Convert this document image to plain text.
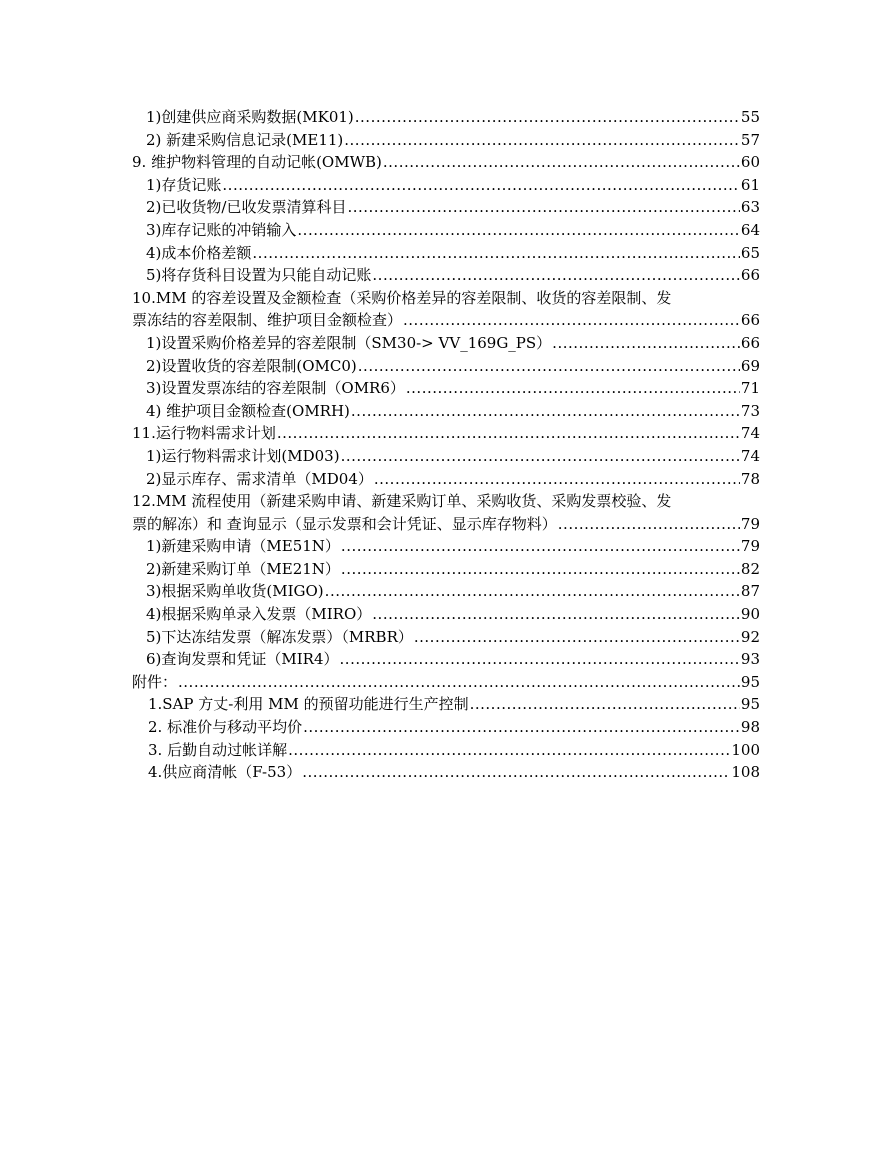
1)创建供应商采购数据(MK01) .....	55
2) 新建采购信息记录(ME11) .....	57
9. 维护物料管理的自动记帐(OMWB) .....	60
1)存货记账 .....	61
2)已收货物/已收发票清算科目 .....	63
3)库存记账的冲销输入 .....	64
4)成本价格差额 .....	65
5)将存货科目设置为只能自动记账 .....	66
10.MM 的容差设置及金额检查（采购价格差异的容差限制、收货的容差限制、发
票冻结的容差限制、维护项目金额检查） .....	66
1)设置采购价格差异的容差限制（SM30-> VV_169G_PS） .....	66
2)设置收货的容差限制(OMC0) .....	69
3)设置发票冻结的容差限制（OMR6） .....	71
4) 维护项目金额检查(OMRH) .....	73
11.运行物料需求计划 .....	74
1)运行物料需求计划(MD03) .....	74
2)显示库存、需求清单（MD04） .....	78
12.MM 流程使用（新建采购申请、新建采购订单、采购收货、采购发票校验、发
票的解冻）和 查询显示（显示发票和会计凭证、显示库存物料） .....	79
1)新建采购申请（ME51N） .....	79
2)新建采购订单（ME21N） .....	82
3)根据采购单收货(MIGO) .....	87
4)根据采购单录入发票（MIRO） .....	90
5)下达冻结发票（解冻发票）（MRBR） .....	92
6)查询发票和凭证（MIR4） .....	93
附件： .....	95
1.SAP 方丈-利用 MM 的预留功能进行生产控制 .....	95
2. 标准价与移动平均价 .....	98
3. 后勤自动过帐详解 .....	100
4.供应商清帐（F-53） .....	108
